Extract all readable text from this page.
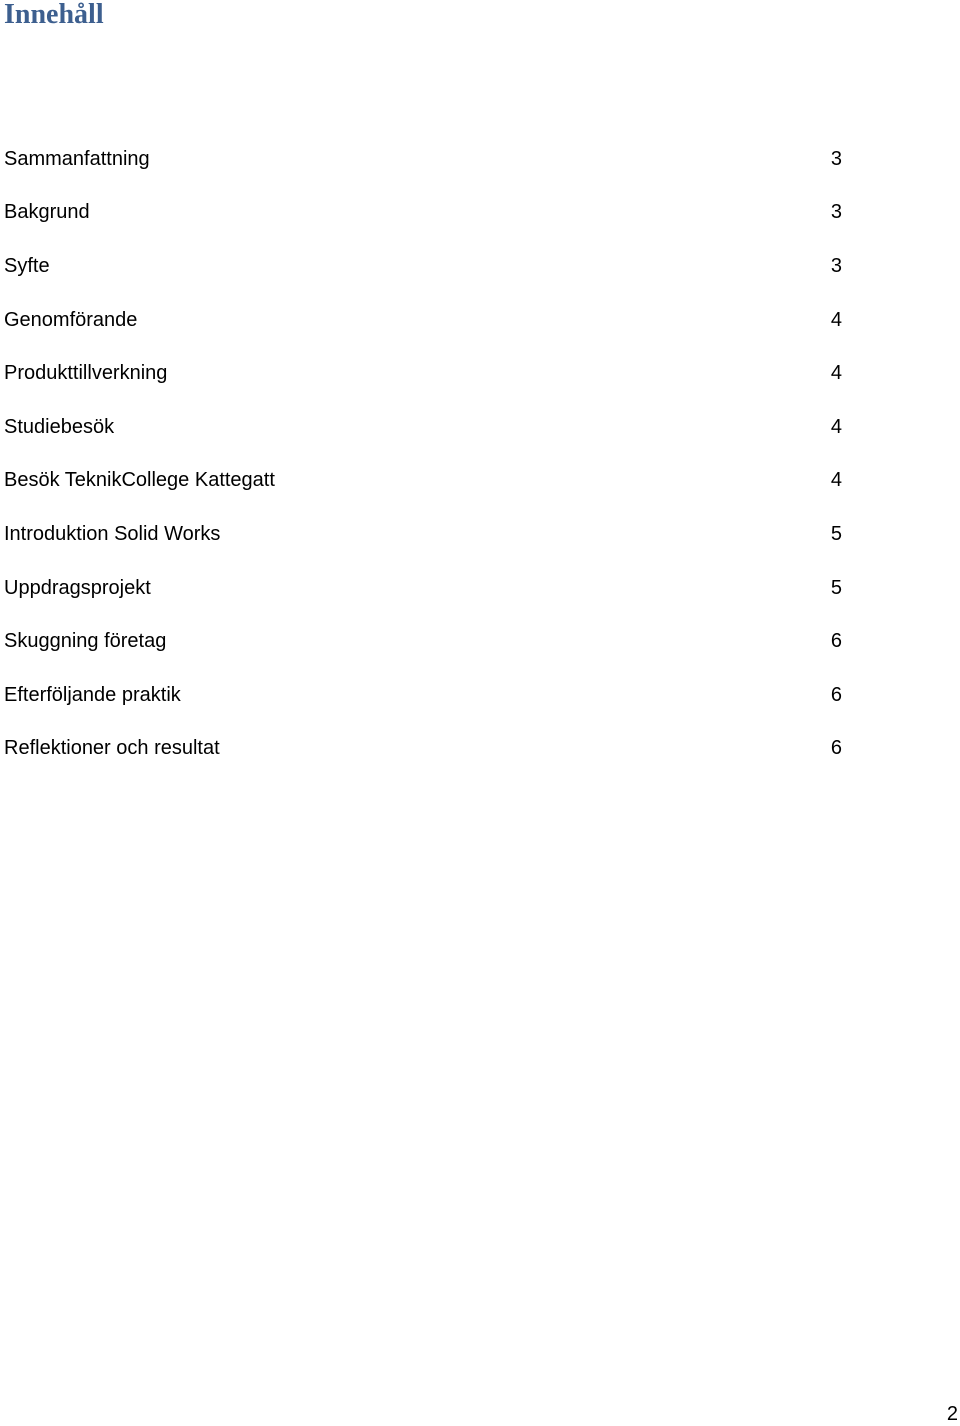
Innehåll
Sammanfattning	3
Bakgrund	3
Syfte	3
Genomförande	4
Produkttillverkning	4
Studiebesök	4
Besök TeknikCollege Kattegatt	4
Introduktion Solid Works	5
Uppdragsprojekt	5
Skuggning företag	6
Efterföljande praktik	6
Reflektioner och resultat	6
2
